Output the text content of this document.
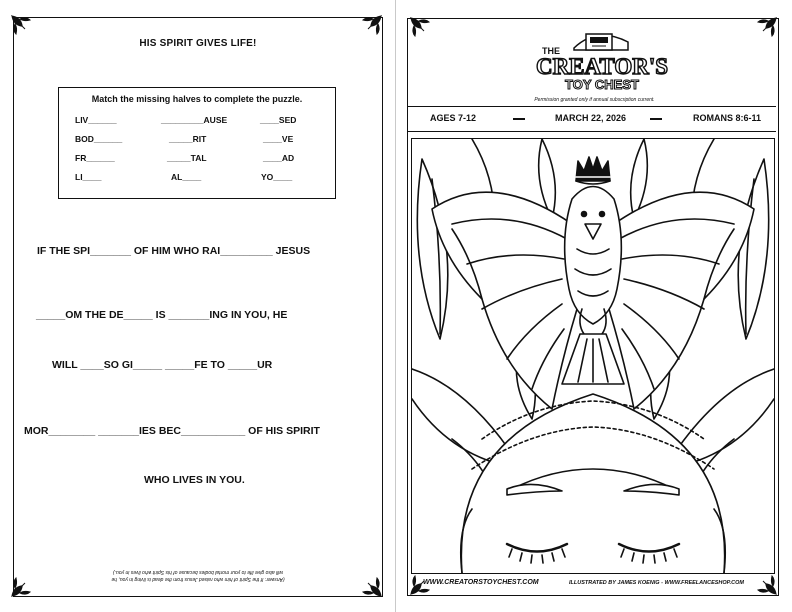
HIS SPIRIT GIVES LIFE!
Match the missing halves to complete the puzzle.
LIV______	_________AUSE	____SED
BOD______	_____RIT	____VE
FR______	_____TAL	____AD
LI____	AL____	YO____
IF THE SPI_______ OF HIM WHO RAI_________ JESUS
_____OM THE DE_____ IS _______ING IN YOU, HE
WILL ____SO GI_____ _____FE TO _____UR
MOR________ _______IES BEC___________ OF HIS SPIRIT
WHO LIVES IN YOU.
(Answer: If the Spirit of him who raised Jesus from the dead is living in you, he
will also give life to your mortal bodies because of his Spirit who lives in you.)
THE
CREATOR'S
TOY CHEST
Permission granted only if annual subscription current.
AGES 7-12	MARCH 22, 2026	ROMANS 8:6-11
WWW.CREATORSTOYCHEST.COM	ILLUSTRATED BY JAMES KOENIG - WWW.FREELANCESHOP.COM
